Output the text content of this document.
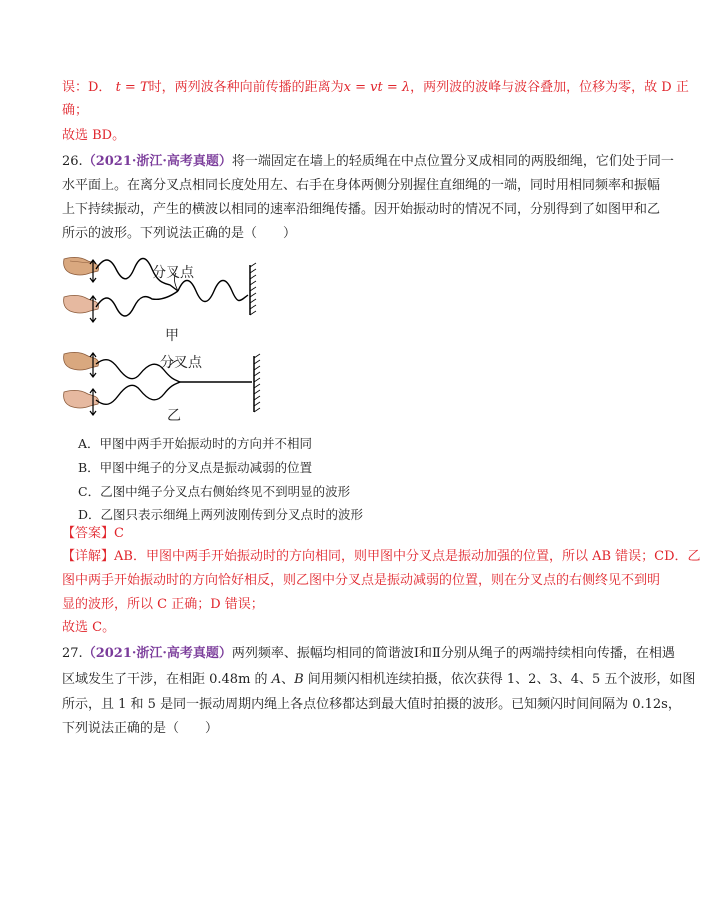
误：D． t = T时，两列波各种向前传播的距离为x = vt = λ，两列波的波峰与波谷叠加，位移为零，故 D 正
确；
故选 BD。
26.（2021·浙江·高考真题）将一端固定在墙上的轻质绳在中点位置分叉成相同的两股细绳，它们处于同一
水平面上。在离分叉点相同长度处用左、右手在身体两侧分别握住直细绳的一端，同时用相同频率和振幅
上下持续振动，产生的横波以相同的速率沿细绳传播。因开始振动时的情况不同，分别得到了如图甲和乙
所示的波形。下列说法正确的是（　　）
分叉点
甲
分叉点
乙
A．甲图中两手开始振动时的方向并不相同
B．甲图中绳子的分叉点是振动减弱的位置
C．乙图中绳子分叉点右侧始终见不到明显的波形
D．乙图只表示细绳上两列波刚传到分叉点时的波形
【答案】C
【详解】AB．甲图中两手开始振动时的方向相同，则甲图中分叉点是振动加强的位置，所以 AB 错误；CD．乙
图中两手开始振动时的方向恰好相反，则乙图中分叉点是振动减弱的位置，则在分叉点的右侧终见不到明
显的波形，所以 C 正确；D 错误；
故选 C。
27.（2021·浙江·高考真题）两列频率、振幅均相同的简谐波Ⅰ和Ⅱ分别从绳子的两端持续相向传播，在相遇
区域发生了干涉，在相距 0.48m 的 A、B 间用频闪相机连续拍摄，依次获得 1、2、3、4、5 五个波形，如图
所示，且 1 和 5 是同一振动周期内绳上各点位移都达到最大值时拍摄的波形。已知频闪时间间隔为 0.12s，
下列说法正确的是（　　）
